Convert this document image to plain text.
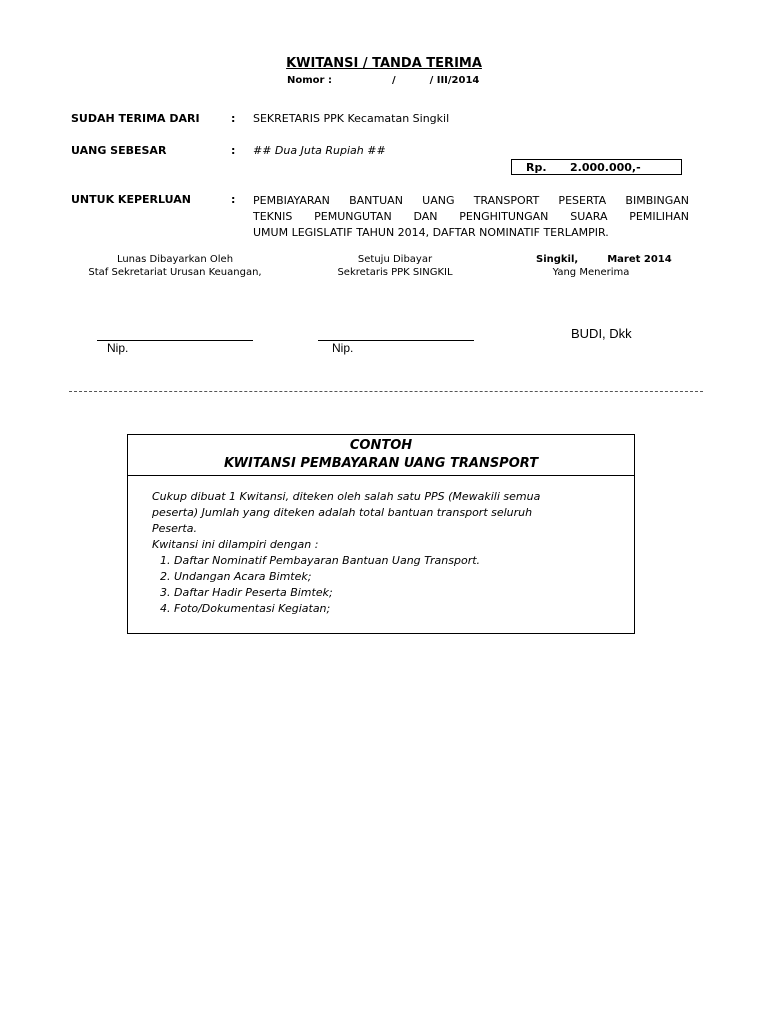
KWITANSI / TANDA TERIMA
Nomor :	/	/ III/2014
SUDAH TERIMA DARI	: SEKRETARIS PPK Kecamatan Singkil
UANG SEBESAR	: ## Dua Juta Rupiah ##
Rp. 2.000.000,-
UNTUK KEPERLUAN	: PEMBIAYARAN BANTUAN UANG TRANSPORT PESERTA BIMBINGAN
TEKNIS PEMUNGUTAN DAN PENGHITUNGAN SUARA PEMILIHAN
UMUM LEGISLATIF TAHUN 2014, DAFTAR NOMINATIF TERLAMPIR.
Lunas Dibayarkan Oleh
Staf Sekretariat Urusan Keuangan,
Setuju Dibayar
Sekretaris PPK SINGKIL
Singkil,	Maret 2014
Yang Menerima
Nip.	Nip.
BUDI, Dkk
CONTOH
KWITANSI PEMBAYARAN UANG TRANSPORT
Cukup dibuat 1 Kwitansi, diteken oleh salah satu PPS (Mewakili semua
peserta) Jumlah yang diteken adalah total bantuan transport seluruh
Peserta.
Kwitansi ini dilampiri dengan :
1. Daftar Nominatif Pembayaran Bantuan Uang Transport.
2. Undangan Acara Bimtek;
3. Daftar Hadir Peserta Bimtek;
4. Foto/Dokumentasi Kegiatan;
